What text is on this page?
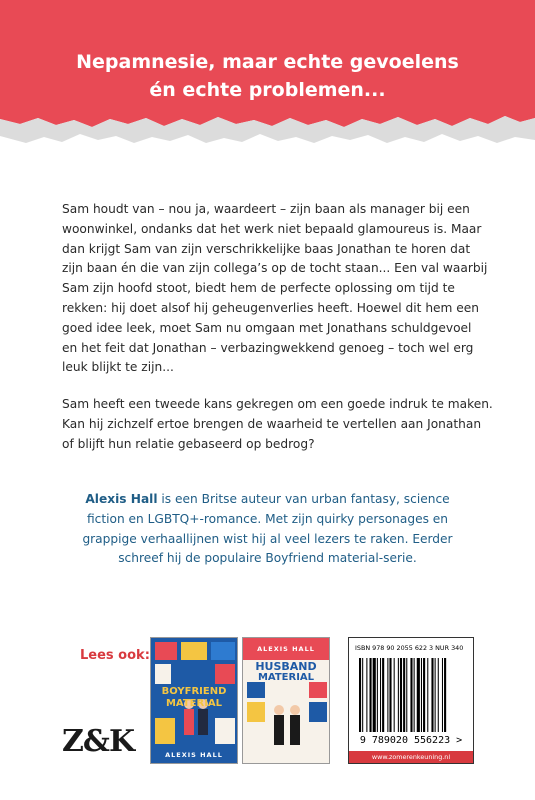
Nepamnesie, maar echte gevoelens
én echte problemen...
Sam houdt van – nou ja, waardeert – zijn baan als manager bij een
woonwinkel, ondanks dat het werk niet bepaald glamoureus is. Maar
dan krijgt Sam van zijn verschrikkelijke baas Jonathan te horen dat
zijn baan én die van zijn collega’s op de tocht staan... Een val waarbij
Sam zijn hoofd stoot, biedt hem de perfecte oplossing om tijd te
rekken: hij doet alsof hij geheugenverlies heeft. Hoewel dit hem een
goed idee leek, moet Sam nu omgaan met Jonathans schuldgevoel
en het feit dat Jonathan – verbazingwekkend genoeg – toch wel erg
leuk blijkt te zijn...
Sam heeft een tweede kans gekregen om een goede indruk te maken.
Kan hij zichzelf ertoe brengen de waarheid te vertellen aan Jonathan
of blijft hun relatie gebaseerd op bedrog?
Alexis Hall is een Britse auteur van urban fantasy, science
fiction en LGBTQ+-romance. Met zijn quirky personages en
grappige verhaallijnen wist hij al veel lezers te raken. Eerder
schreef hij de populaire Boyfriend material-serie.
Lees ook:
Z&K
BOYFRIEND
MATERIAL
ALEXIS HALL
ALEXIS HALL
HUSBAND
MATERIAL
ISBN 978 90 2055 622 3 NUR 340
9 789020 556223 >
www.zomerenkeuning.nl
